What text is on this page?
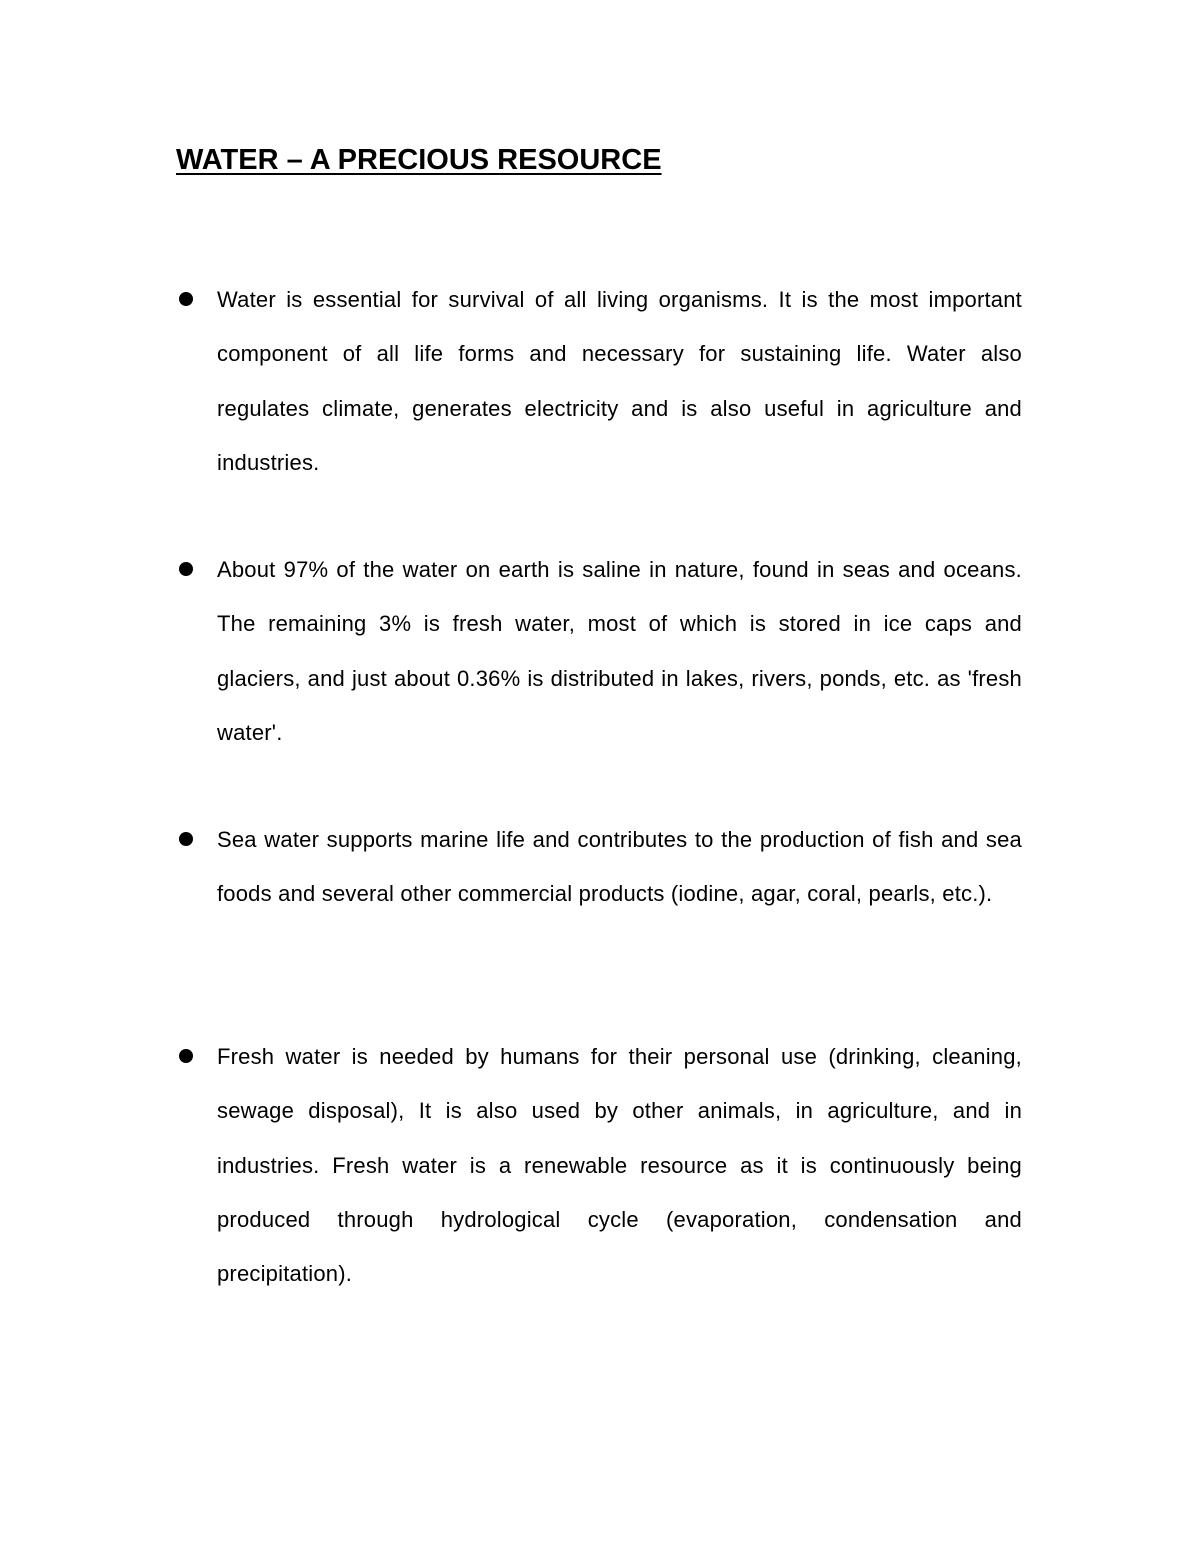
WATER – A PRECIOUS RESOURCE

Water is essential for survival of all living organisms. It is the most important component of all life forms and necessary for sustaining life. Water also regulates climate, generates electricity and is also useful in agriculture and industries.

About 97% of the water on earth is saline in nature, found in seas and oceans. The remaining 3% is fresh water, most of which is stored in ice caps and glaciers, and just about 0.36% is distributed in lakes, rivers, ponds, etc. as 'fresh water'.

Sea water supports marine life and contributes to the production of fish and sea foods and several other commercial products (iodine, agar, coral, pearls, etc.).

Fresh water is needed by humans for their personal use (drinking, cleaning, sewage disposal), It is also used by other animals, in agriculture, and in industries. Fresh water is a renewable resource as it is continuously being produced through hydrological cycle (evaporation, condensation and precipitation).
